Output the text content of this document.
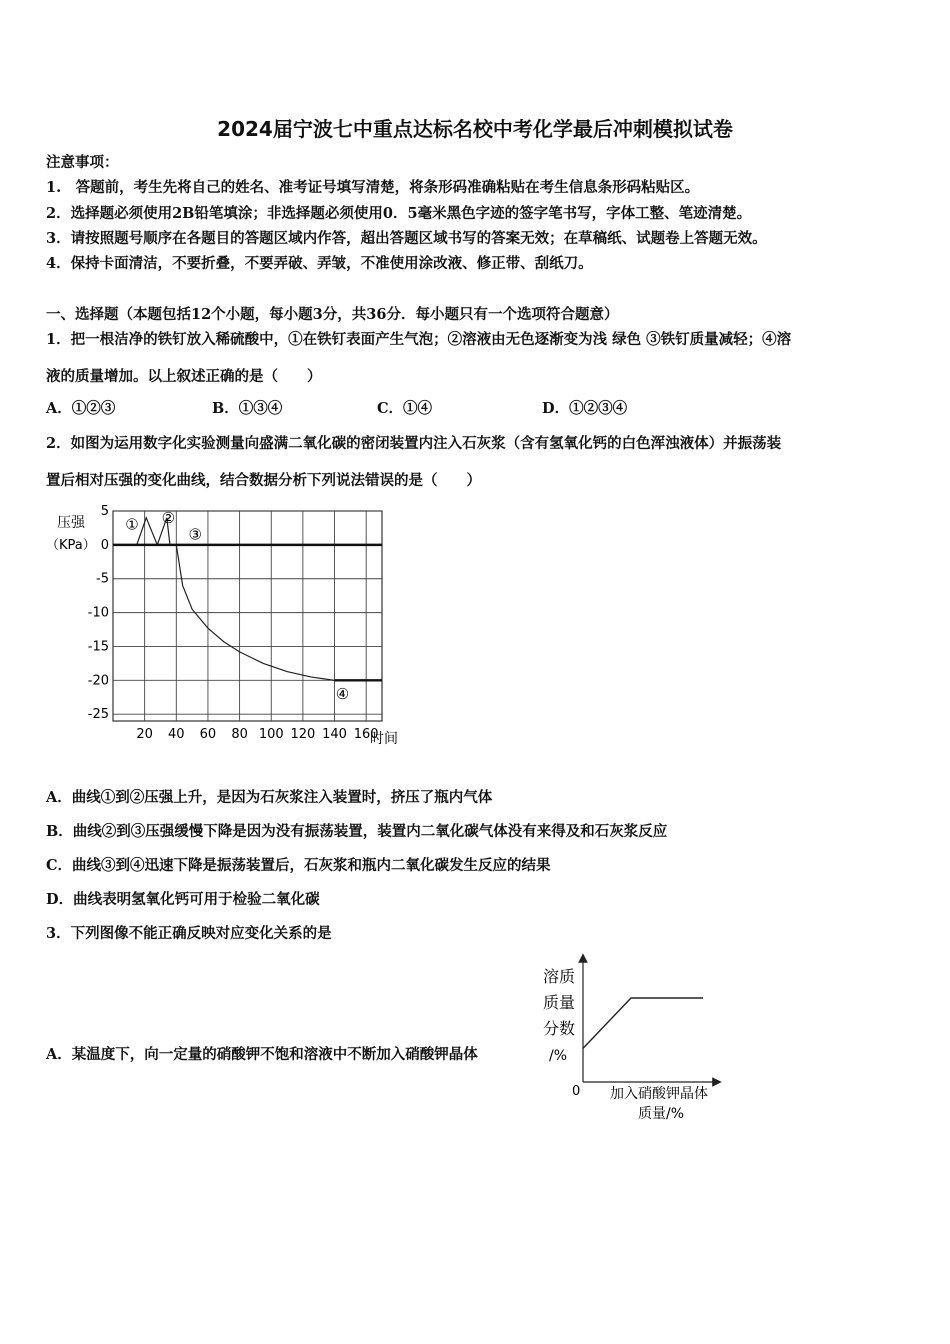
2024届宁波七中重点达标名校中考化学最后冲刺模拟试卷
注意事项：
1.　答题前，考生先将自己的姓名、准考证号填写清楚，将条形码准确粘贴在考生信息条形码粘贴区。
2．选择题必须使用2B铅笔填涂；非选择题必须使用0．5毫米黑色字迹的签字笔书写，字体工整、笔迹清楚。
3．请按照题号顺序在各题目的答题区域内作答，超出答题区域书写的答案无效；在草稿纸、试题卷上答题无效。
4．保持卡面清洁，不要折叠，不要弄破、弄皱，不准使用涂改液、修正带、刮纸刀。
一、选择题（本题包括12个小题，每小题3分，共36分．每小题只有一个选项符合题意）
1．把一根洁净的铁钉放入稀硫酸中，①在铁钉表面产生气泡；②溶液由无色逐渐变为浅 绿色 ③铁钉质量减轻；④溶
液的质量增加。以上叙述正确的是（　　）
A．①②③	B．①③④	C．①④	D．①②③④
2．如图为运用数字化实验测量向盛满二氧化碳的密闭装置内注入石灰浆（含有氢氧化钙的白色浑浊液体）并振荡装
置后相对压强的变化曲线，结合数据分析下列说法错误的是（　　）
5
0
-5
-10
-15
-20
-25
20 40 60 80 100 120 140 160
① ②
③
④
压强（KPa）
时间
A．曲线①到②压强上升，是因为石灰浆注入装置时，挤压了瓶内气体
B．曲线②到③压强缓慢下降是因为没有振荡装置，装置内二氧化碳气体没有来得及和石灰浆反应
C．曲线③到④迅速下降是振荡装置后，石灰浆和瓶内二氧化碳发生反应的结果
D．曲线表明氢氧化钙可用于检验二氧化碳
3．下列图像不能正确反映对应变化关系的是
A．某温度下，向一定量的硝酸钾不饱和溶液中不断加入硝酸钾晶体
0
溶质质量分数/%
加入硝酸钾晶体质量/%
